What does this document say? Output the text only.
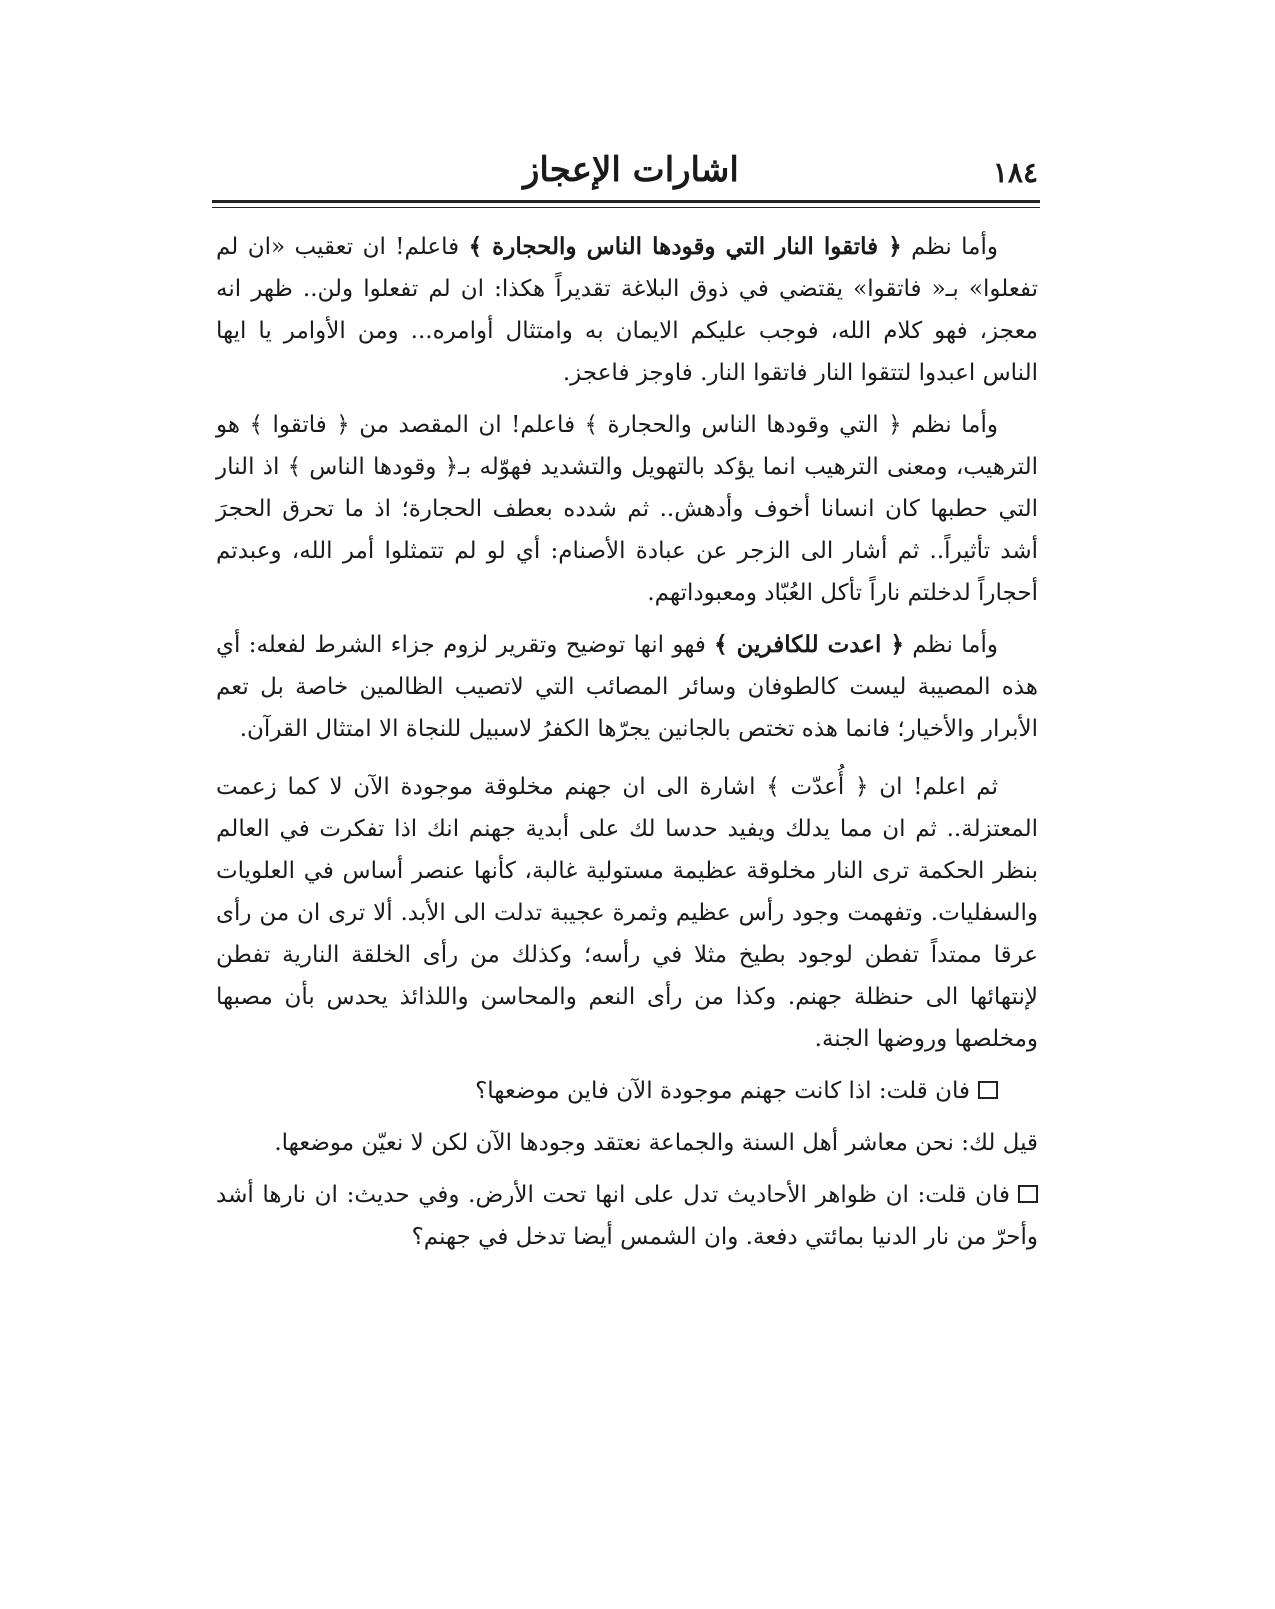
١٨٤
اشارات الإعجاز

وأما نظم ﴿ فاتقوا النار التي وقودها الناس والحجارة ﴾ فاعلم! ان تعقيب «ان لم تفعلوا» بـ« فاتقوا» يقتضي في ذوق البلاغة تقديراً هكذا: ان لم تفعلوا ولن.. ظهر انه معجز، فهو كلام الله، فوجب عليكم الايمان به وامتثال أوامره... ومن الأوامر يا ايها الناس اعبدوا لتتقوا النار فاتقوا النار. فاوجز فاعجز.

وأما نظم ﴿ التي وقودها الناس والحجارة ﴾ فاعلم! ان المقصد من ﴿ فاتقوا ﴾ هو الترهيب، ومعنى الترهيب انما يؤكد بالتهويل والتشديد فهوّله بـ﴿ وقودها الناس ﴾ اذ النار التي حطبها كان انسانا أخوف وأدهش.. ثم شدده بعطف الحجارة؛ اذ ما تحرق الحجرَ أشد تأثيراً.. ثم أشار الى الزجر عن عبادة الأصنام: أي لو لم تتمثلوا أمر الله، وعبدتم أحجاراً لدخلتم ناراً تأكل العُبّاد ومعبوداتهم.

وأما نظم ﴿ اعدت للكافرين ﴾ فهو انها توضيح وتقرير لزوم جزاء الشرط لفعله: أي هذه المصيبة ليست كالطوفان وسائر المصائب التي لاتصيب الظالمين خاصة بل تعم الأبرار والأخيار؛ فانما هذه تختص بالجانين يجرّها الكفرُ لاسبيل للنجاة الا امتثال القرآن.

ثم اعلم! ان ﴿ أُعدّت ﴾ اشارة الى ان جهنم مخلوقة موجودة الآن لا كما زعمت المعتزلة.. ثم ان مما يدلك ويفيد حدسا لك على أبدية جهنم انك اذا تفكرت في العالم بنظر الحكمة ترى النار مخلوقة عظيمة مستولية غالبة، كأنها عنصر أساس في العلويات والسفليات. وتفهمت وجود رأس عظيم وثمرة عجيبة تدلت الى الأبد. ألا ترى ان من رأى عرقا ممتداً تفطن لوجود بطيخ مثلا في رأسه؛ وكذلك من رأى الخلقة النارية تفطن لإنتهائها الى حنظلة جهنم. وكذا من رأى النعم والمحاسن واللذائذ يحدس بأن مصبها ومخلصها وروضها الجنة.

فان قلت: اذا كانت جهنم موجودة الآن فاين موضعها؟

قيل لك: نحن معاشر أهل السنة والجماعة نعتقد وجودها الآن لكن لا نعيّن موضعها.

فان قلت: ان ظواهر الأحاديث تدل على انها تحت الأرض. وفي حديث: ان نارها أشد وأحرّ من نار الدنيا بمائتي دفعة. وان الشمس أيضا تدخل في جهنم؟
